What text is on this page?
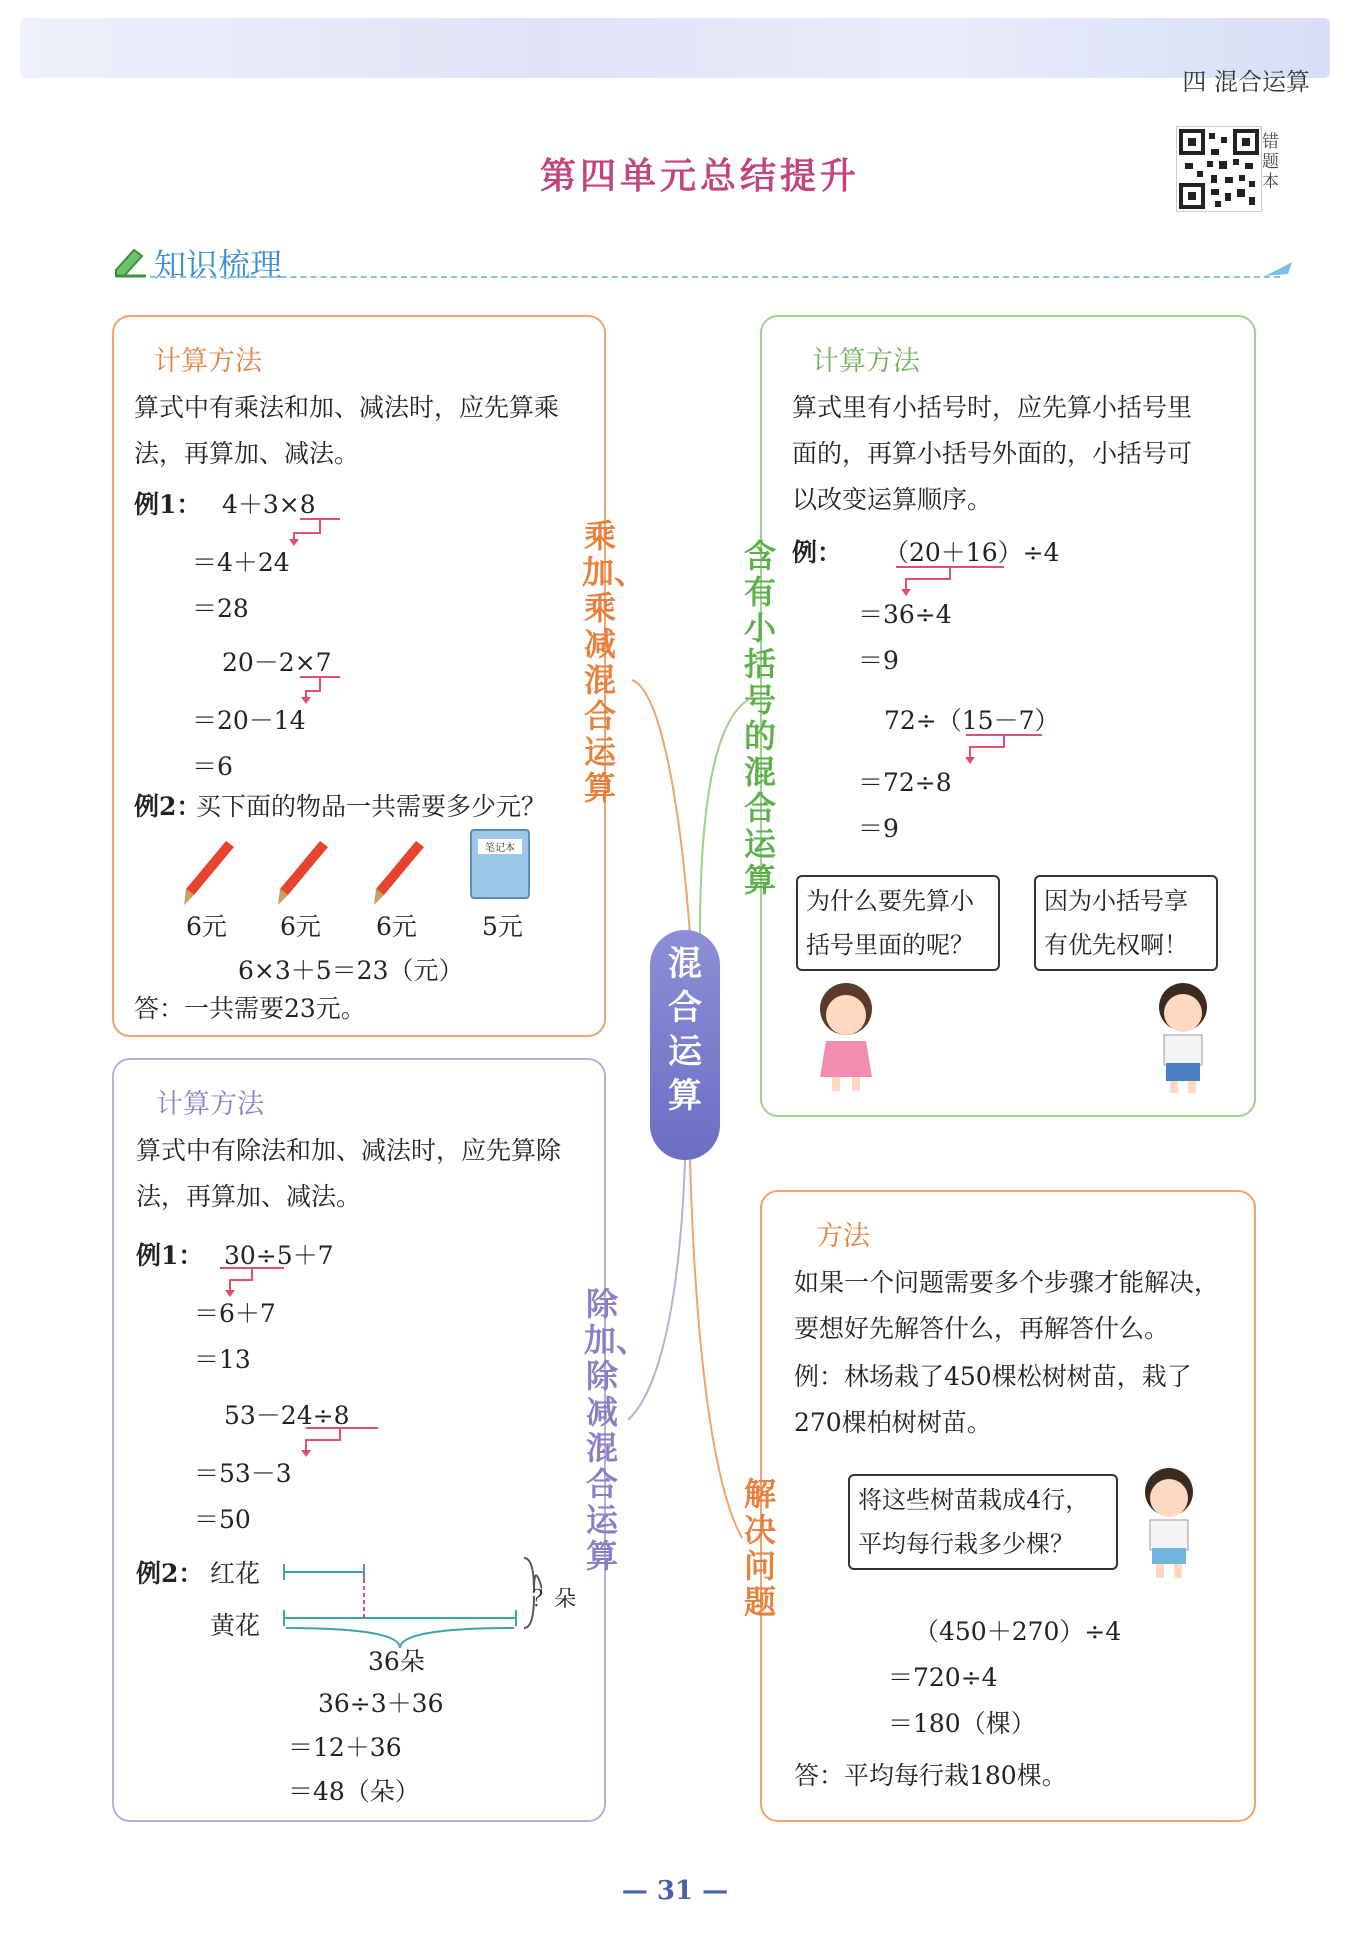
四 混合运算
第四单元总结提升
错题本
知识梳理
混合运算
计算方法
算式中有乘法和加、减法时，应先算乘
法，再算加、减法。
例1： 4＋3×8
＝4＋24
＝28
20－2×7
＝20－14
＝6
例2：
买下面的物品一共需要多少元？
笔记本
6元 6元 6元	5元
6×3＋5＝23（元）
答：一共需要23元。
乘加、乘减混合运算
计算方法
算式里有小括号时，应先算小括号里
面的，再算小括号外面的，小括号可
以改变运算顺序。
例： （20＋16）÷4
＝36÷4
＝9
72÷（15－7）
＝72÷8
＝9
为什么要先算小
括号里面的呢？
因为小括号享
有优先权啊！
含有小括号的混合运算
计算方法
算式中有除法和加、减法时，应先算除
法，再算加、减法。
例1： 30÷5＋7
＝6＋7
＝13
53－24÷8
＝53－3
＝50
例2： 红花
黄花
？朵
36朵
36÷3＋36
＝12＋36
＝48（朵）
除加、除减混合运算
方法
如果一个问题需要多个步骤才能解决，
要想好先解答什么，再解答什么。
例：林场栽了450棵松树树苗，栽了
270棵柏树树苗。
将这些树苗栽成4行，
平均每行栽多少棵？
（450＋270）÷4
＝720÷4
＝180（棵）
答：平均每行栽180棵。
解决问题
— 31 —
